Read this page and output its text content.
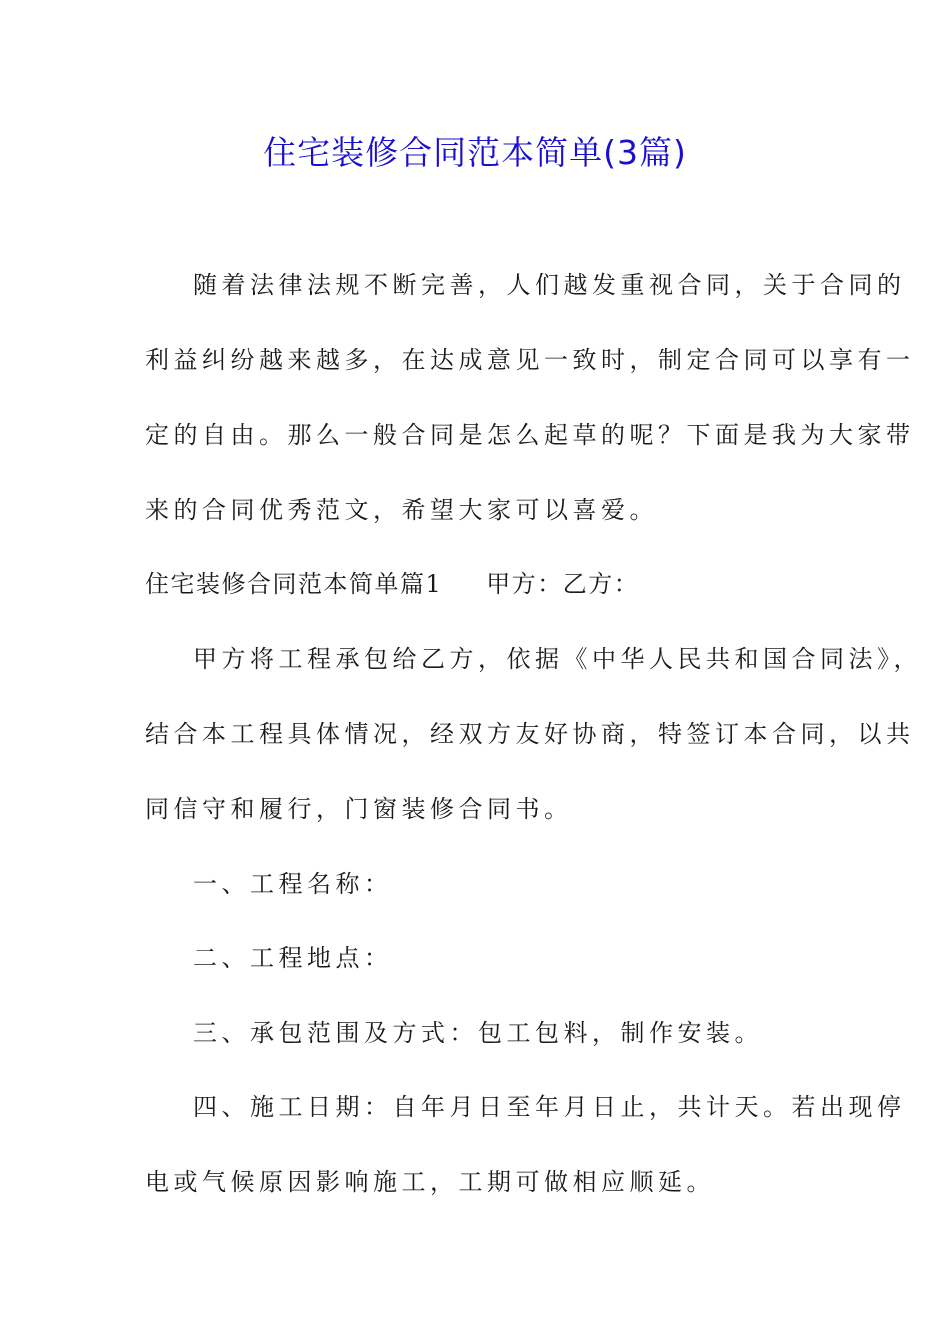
住宅装修合同范本简单(3篇)
随着法律法规不断完善，人们越发重视合同，关于合同的
利益纠纷越来越多，在达成意见一致时，制定合同可以享有一
定的自由。那么一般合同是怎么起草的呢？下面是我为大家带
来的合同优秀范文，希望大家可以喜爱。
住宅装修合同范本简单篇1 甲方：乙方：
甲方将工程承包给乙方，依据《中华人民共和国合同法》，
结合本工程具体情况，经双方友好协商，特签订本合同，以共
同信守和履行，门窗装修合同书。
一、工程名称：
二、工程地点：
三、承包范围及方式：包工包料，制作安装。
四、施工日期：自年月日至年月日止，共计天。若出现停
电或气候原因影响施工，工期可做相应顺延。
